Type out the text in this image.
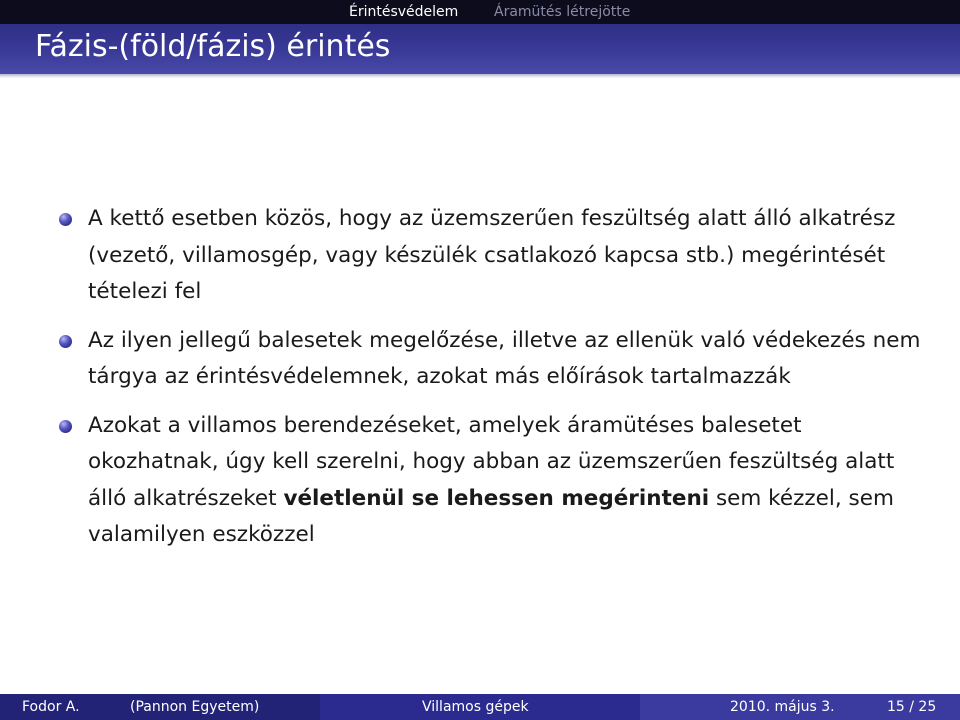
Érintésvédelem	Áramütés létrejötte
Fázis-(föld/fázis) érintés
A kettő esetben közös, hogy az üzemszerűen feszültség alatt álló alkatrész (vezető, villamosgép, vagy készülék csatlakozó kapcsa stb.) megérintését tételezi fel
Az ilyen jellegű balesetek megelőzése, illetve az ellenük való védekezés nem tárgya az érintésvédelemnek, azokat más előírások tartalmazzák
Azokat a villamos berendezéseket, amelyek áramütéses balesetet okozhatnak, úgy kell szerelni, hogy abban az üzemszerűen feszültség alatt álló alkatrészeket véletlenül se lehessen megérinteni sem kézzel, sem valamilyen eszközzel
Fodor A.	(Pannon Egyetem)	Villamos gépek	2010. május 3.	15 / 25
